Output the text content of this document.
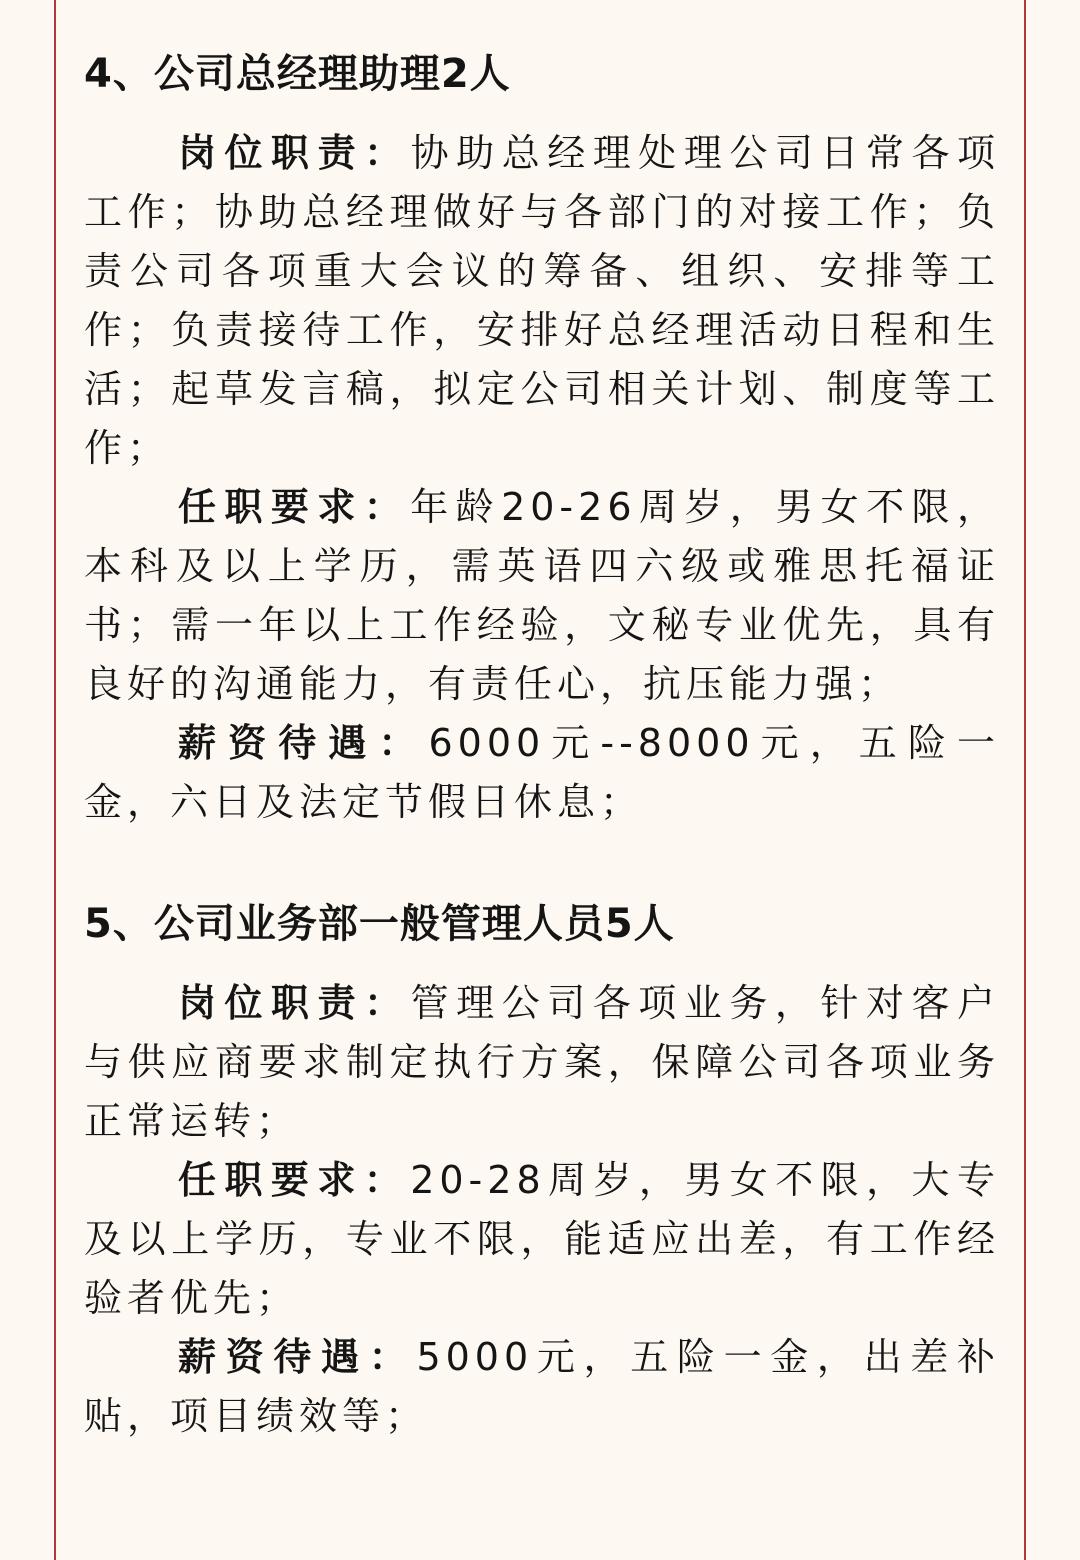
4、公司总经理助理2人

岗位职责：协助总经理处理公司日常各项工作；协助总经理做好与各部门的对接工作；负责公司各项重大会议的筹备、组织、安排等工作；负责接待工作，安排好总经理活动日程和生活；起草发言稿，拟定公司相关计划、制度等工作；

任职要求：年龄20-26周岁，男女不限，本科及以上学历，需英语四六级或雅思托福证书；需一年以上工作经验，文秘专业优先，具有良好的沟通能力，有责任心，抗压能力强；

薪资待遇：6000元--8000元，五险一金，六日及法定节假日休息；

5、公司业务部一般管理人员5人

岗位职责：管理公司各项业务，针对客户与供应商要求制定执行方案，保障公司各项业务正常运转；

任职要求：20-28周岁，男女不限，大专及以上学历，专业不限，能适应出差，有工作经验者优先；

薪资待遇：5000元，五险一金，出差补贴，项目绩效等；
